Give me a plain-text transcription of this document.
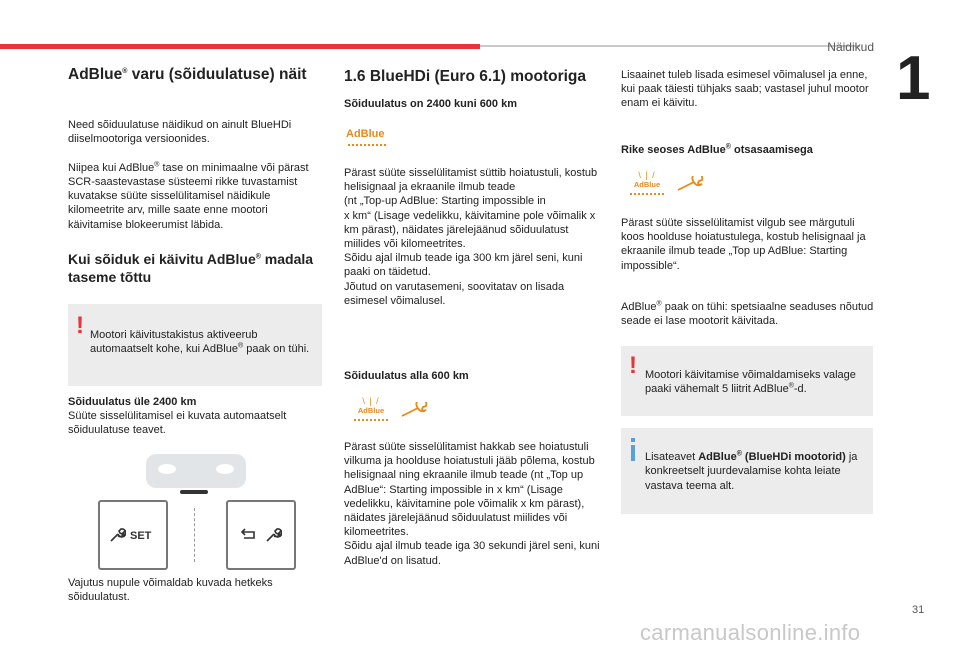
Näidikud 1
AdBlue® varu (sõiduulatuse) näit

Need sõiduulatuse näidikud on ainult BlueHDi diiselmootoriga versioonides.

Niipea kui AdBlue® tase on minimaalne või pärast SCR-saastevastase süsteemi rikke tuvastamist kuvatakse süüte sisselülitamisel näidikule kilomeetrite arv, mille saate enne mootori käivitamise blokeerumist läbida.

Kui sõiduk ei käivitu AdBlue® madala taseme tõttu
! Mootori käivitustakistus aktiveerub automaatselt kohe, kui AdBlue® paak on tühi.

Sõiduulatus üle 2400 km
Süüte sisselülitamisel ei kuvata automaatselt sõiduulatuse teavet.
SET
Vajutus nupule võimaldab kuvada hetkeks sõiduulatust.
1.6 BlueHDi (Euro 6.1) mootoriga
Sõiduulatus on 2400 kuni 600 km
AdBlue
Pärast süüte sisselülitamist süttib hoiatustuli, kostub helisignaal ja ekraanile ilmub teade
(nt „Top-up AdBlue: Starting impossible in
x km“ (Lisage vedelikku, käivitamine pole võimalik x km pärast), näidates järelejäänud sõiduulatust miilides või kilomeetrites.
Sõidu ajal ilmub teade iga 300 km järel seni, kuni paaki on täidetud.
Jõutud on varutasemeni, soovitatav on lisada esimesel võimalusel.
Sõiduulatus alla 600 km
\ | /
AdBlue
Pärast süüte sisselülitamist hakkab see hoiatustuli vilkuma ja hoolduse hoiatustuli jääb põlema, kostub helisignaal ning ekraanile ilmub teade (nt „Top up AdBlue“: Starting impossible in x km“ (Lisage vedelikku, käivitamine pole võimalik x km pärast), näidates järelejäänud sõiduulatust miilides või kilomeetrites.
Sõidu ajal ilmub teade iga 30 sekundi järel seni, kuni AdBlue'd on lisatud.
Lisaainet tuleb lisada esimesel võimalusel ja enne, kui paak täiesti tühjaks saab; vastasel juhul mootor enam ei käivitu.
Rike seoses AdBlue® otsasaamisega
\ | /
AdBlue
Pärast süüte sisselülitamist vilgub see märgutuli koos hoolduse hoiatustulega, kostub helisignaal ja ekraanile ilmub teade „Top up AdBlue: Starting impossible“.

AdBlue® paak on tühi: spetsiaalne seaduses nõutud seade ei lase mootorit käivitada.

! Mootori käivitamise võimaldamiseks valage paaki vähemalt 5 liitrit AdBlue®-d.

Lisateavet AdBlue® (BlueHDi mootorid) ja konkreetselt juurdevalamise kohta leiate vastava teema alt.

31
carmanualsonline.info
